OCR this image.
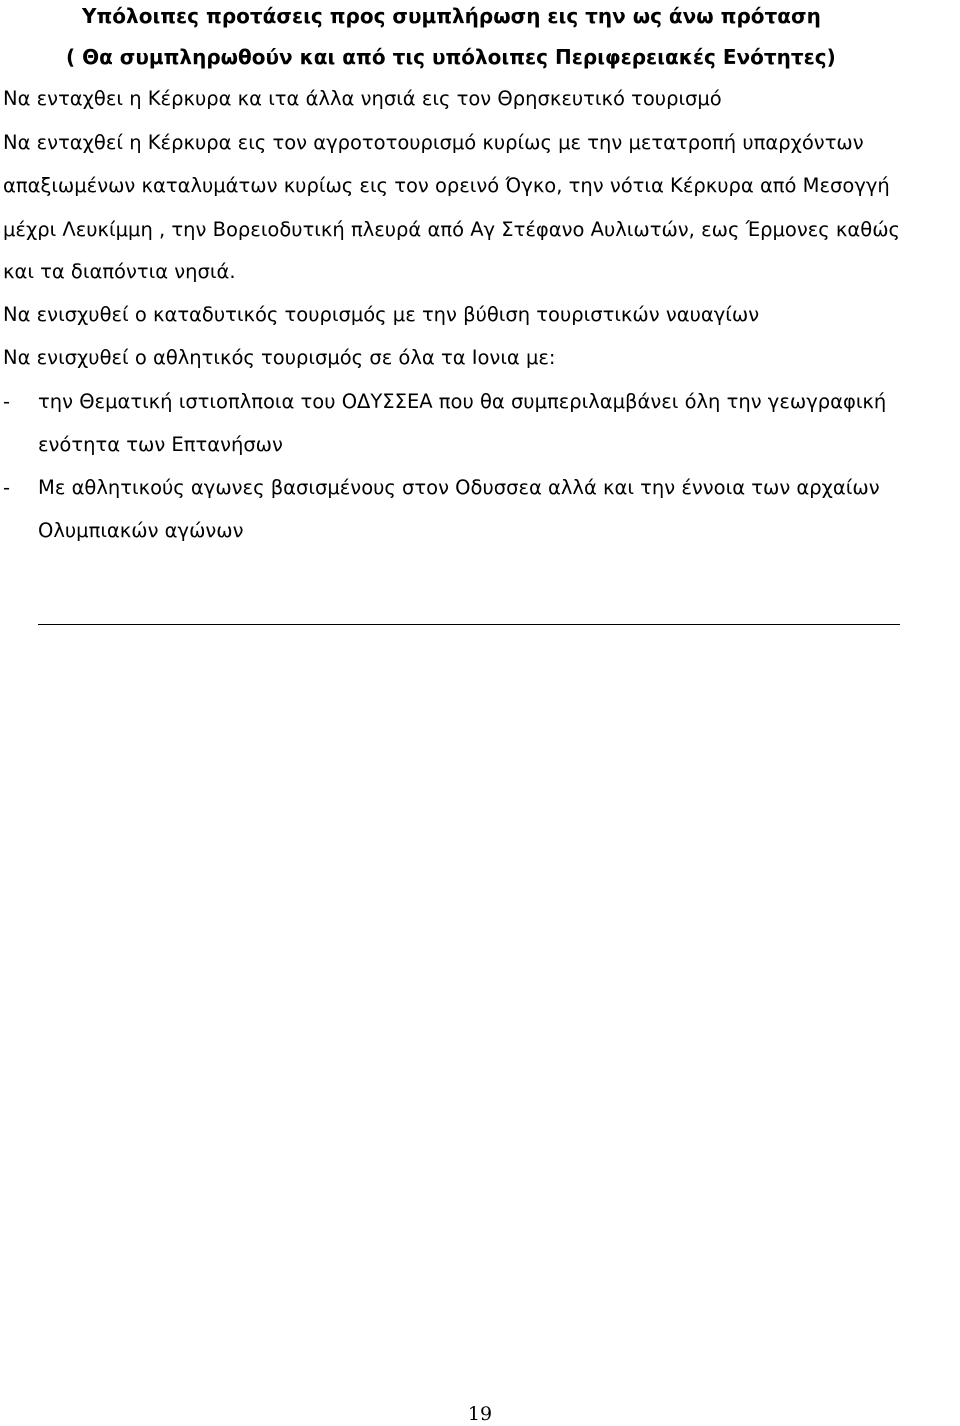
Υπόλοιπες προτάσεις προς συμπλήρωση εις την ως άνω πρόταση
( Θα συμπληρωθούν και από τις υπόλοιπες Περιφερειακές Ενότητες)
Να ενταχθει η Κέρκυρα κα ιτα άλλα νησιά εις τον Θρησκευτικό τουρισμό
Να ενταχθεί η Κέρκυρα εις τον αγροτοτουρισμό κυρίως με την μετατροπή υπαρχόντων
απαξιωμένων καταλυμάτων κυρίως εις τον ορεινό Όγκο, την νότια Κέρκυρα από Μεσογγή
μέχρι Λευκίμμη , την Βορειοδυτική πλευρά από Αγ Στέφανο Αυλιωτών, εως Έρμονες καθώς
και τα διαπόντια νησιά.
Να ενισχυθεί ο καταδυτικός τουρισμός με την βύθιση τουριστικών ναυαγίων
Να ενισχυθεί ο αθλητικός τουρισμός σε όλα τα Ιονια με:
- την Θεματική ιστιοπλποια του ΟΔΥΣΣΕΑ που θα συμπεριλαμβάνει όλη την γεωγραφική
ενότητα των Επτανήσων
- Με αθλητικούς αγωνες βασισμένους στον Οδυσσεα αλλά και την έννοια των αρχαίων
Ολυμπιακών αγώνων
19
